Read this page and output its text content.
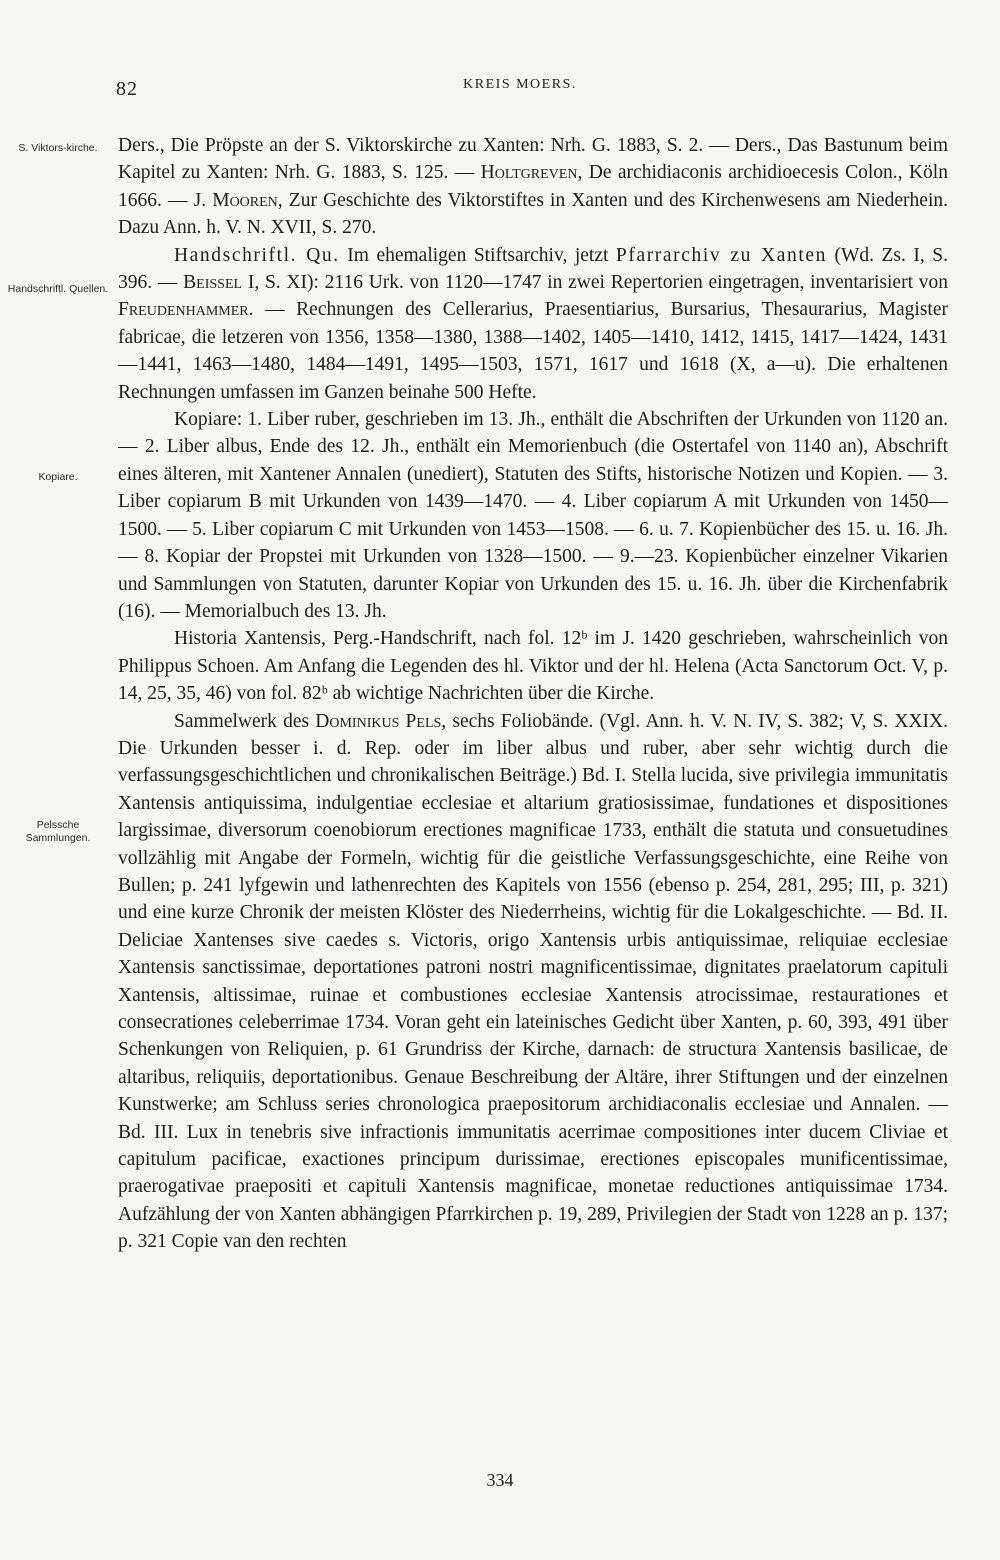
82	KREIS MOERS.
S. Viktors-kirche.
Handschriftl. Quellen.
Kopiare.
Pelssche Sammlungen.

Ders., Die Pröpste an der S. Viktorskirche zu Xanten: Nrh. G. 1883, S. 2. — Ders., Das Bastunum beim Kapitel zu Xanten: Nrh. G. 1883, S. 125. — Holtgreven, De archidiaconis archidioecesis Colon., Köln 1666. — J. Mooren, Zur Geschichte des Viktorstiftes in Xanten und des Kirchenwesens am Niederhein. Dazu Ann. h. V. N. XVII, S. 270.

Handschriftl. Qu. Im ehemaligen Stiftsarchiv, jetzt Pfarrarchiv zu Xanten (Wd. Zs. I, S. 396. — Beissel I, S. XI): 2116 Urk. von 1120—1747 in zwei Repertorien eingetragen, inventarisiert von Freudenhammer. — Rechnungen des Cellerarius, Praesentiarius, Bursarius, Thesaurarius, Magister fabricae, die letzeren von 1356, 1358—1380, 1388—1402, 1405—1410, 1412, 1415, 1417—1424, 1431—1441, 1463—1480, 1484—1491, 1495—1503, 1571, 1617 und 1618 (X, a—u). Die erhaltenen Rechnungen umfassen im Ganzen beinahe 500 Hefte.

Kopiare: 1. Liber ruber, geschrieben im 13. Jh., enthält die Abschriften der Urkunden von 1120 an. — 2. Liber albus, Ende des 12. Jh., enthält ein Memorienbuch (die Ostertafel von 1140 an), Abschrift eines älteren, mit Xantener Annalen (unediert), Statuten des Stifts, historische Notizen und Kopien. — 3. Liber copiarum B mit Urkunden von 1439—1470. — 4. Liber copiarum A mit Urkunden von 1450—1500. — 5. Liber copiarum C mit Urkunden von 1453—1508. — 6. u. 7. Kopienbücher des 15. u. 16. Jh. — 8. Kopiar der Propstei mit Urkunden von 1328—1500. — 9.—23. Kopienbücher einzelner Vikarien und Sammlungen von Statuten, darunter Kopiar von Urkunden des 15. u. 16. Jh. über die Kirchenfabrik (16). — Memorialbuch des 13. Jh.

Historia Xantensis, Perg.-Handschrift, nach fol. 12ᵇ im J. 1420 geschrieben, wahrscheinlich von Philippus Schoen. Am Anfang die Legenden des hl. Viktor und der hl. Helena (Acta Sanctorum Oct. V, p. 14, 25, 35, 46) von fol. 82ᵇ ab wichtige Nachrichten über die Kirche.

Sammelwerk des Dominikus Pels, sechs Foliobände. (Vgl. Ann. h. V. N. IV, S. 382; V, S. XXIX. Die Urkunden besser i. d. Rep. oder im liber albus und ruber, aber sehr wichtig durch die verfassungsgeschichtlichen und chronikalischen Beiträge.) Bd. I. Stella lucida, sive privilegia immunitatis Xantensis antiquissima, indulgentiae ecclesiae et altarium gratiosissimae, fundationes et dispositiones largissimae, diversorum coenobiorum erectiones magnificae 1733, enthält die statuta und consuetudines vollzählig mit Angabe der Formeln, wichtig für die geistliche Verfassungsgeschichte, eine Reihe von Bullen; p. 241 lyfgewin und lathenrechten des Kapitels von 1556 (ebenso p. 254, 281, 295; III, p. 321) und eine kurze Chronik der meisten Klöster des Niederrheins, wichtig für die Lokalgeschichte. — Bd. II. Deliciae Xantenses sive caedes s. Victoris, origo Xantensis urbis antiquissimae, reliquiae ecclesiae Xantensis sanctissimae, deportationes patroni nostri magnificentissimae, dignitates praelatorum capituli Xantensis, altissimae, ruinae et combustiones ecclesiae Xantensis atrocissimae, restaurationes et consecrationes celeberrimae 1734. Voran geht ein lateinisches Gedicht über Xanten, p. 60, 393, 491 über Schenkungen von Reliquien, p. 61 Grundriss der Kirche, darnach: de structura Xantensis basilicae, de altaribus, reliquiis, deportationibus. Genaue Beschreibung der Altäre, ihrer Stiftungen und der einzelnen Kunstwerke; am Schluss series chronologica praepositorum archidiaconalis ecclesiae und Annalen. — Bd. III. Lux in tenebris sive infractionis immunitatis acerrimae compositiones inter ducem Cliviae et capitulum pacificae, exactiones principum durissimae, erectiones episcopales munificentissimae, praerogativae praepositi et capituli Xantensis magnificae, monetae reductiones antiquissimae 1734. Aufzählung der von Xanten abhängigen Pfarrkirchen p. 19, 289, Privilegien der Stadt von 1228 an p. 137; p. 321 Copie van den rechten

334
